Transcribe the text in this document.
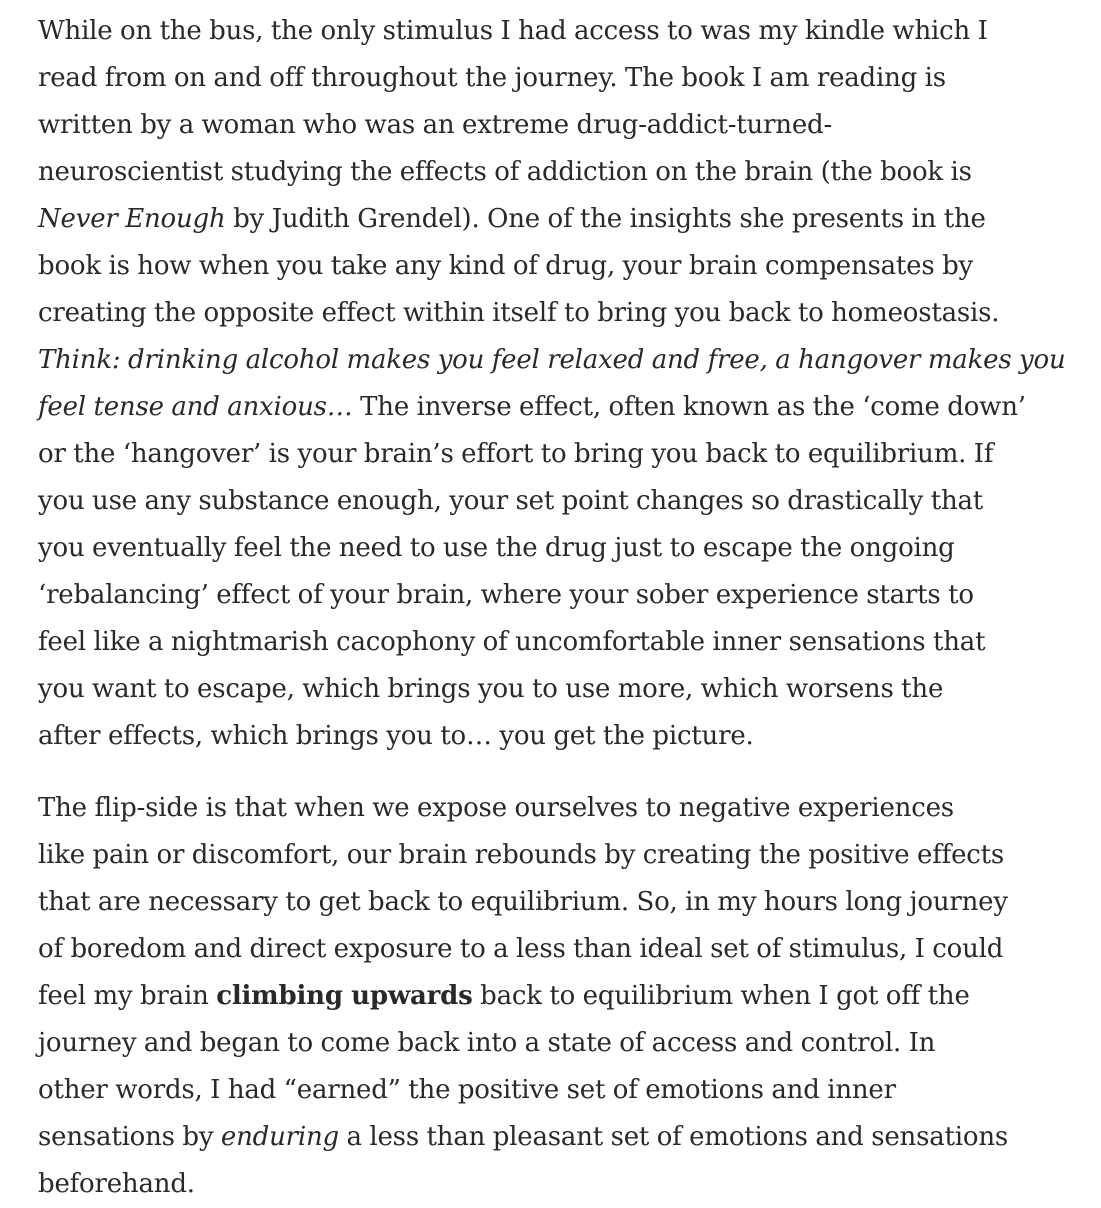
While on the bus, the only stimulus I had access to was my kindle which I
read from on and off throughout the journey. The book I am reading is
written by a woman who was an extreme drug-addict-turned-
neuroscientist studying the effects of addiction on the brain (the book is
Never Enough by Judith Grendel). One of the insights she presents in the
book is how when you take any kind of drug, your brain compensates by
creating the opposite effect within itself to bring you back to homeostasis.
Think: drinking alcohol makes you feel relaxed and free, a hangover makes you
feel tense and anxious… The inverse effect, often known as the ‘come down’
or the ‘hangover’ is your brain’s effort to bring you back to equilibrium. If
you use any substance enough, your set point changes so drastically that
you eventually feel the need to use the drug just to escape the ongoing
‘rebalancing’ effect of your brain, where your sober experience starts to
feel like a nightmarish cacophony of uncomfortable inner sensations that
you want to escape, which brings you to use more, which worsens the
after effects, which brings you to… you get the picture.
The flip-side is that when we expose ourselves to negative experiences
like pain or discomfort, our brain rebounds by creating the positive effects
that are necessary to get back to equilibrium. So, in my hours long journey
of boredom and direct exposure to a less than ideal set of stimulus, I could
feel my brain climbing upwards back to equilibrium when I got off the
journey and began to come back into a state of access and control. In
other words, I had “earned” the positive set of emotions and inner
sensations by enduring a less than pleasant set of emotions and sensations
beforehand.
